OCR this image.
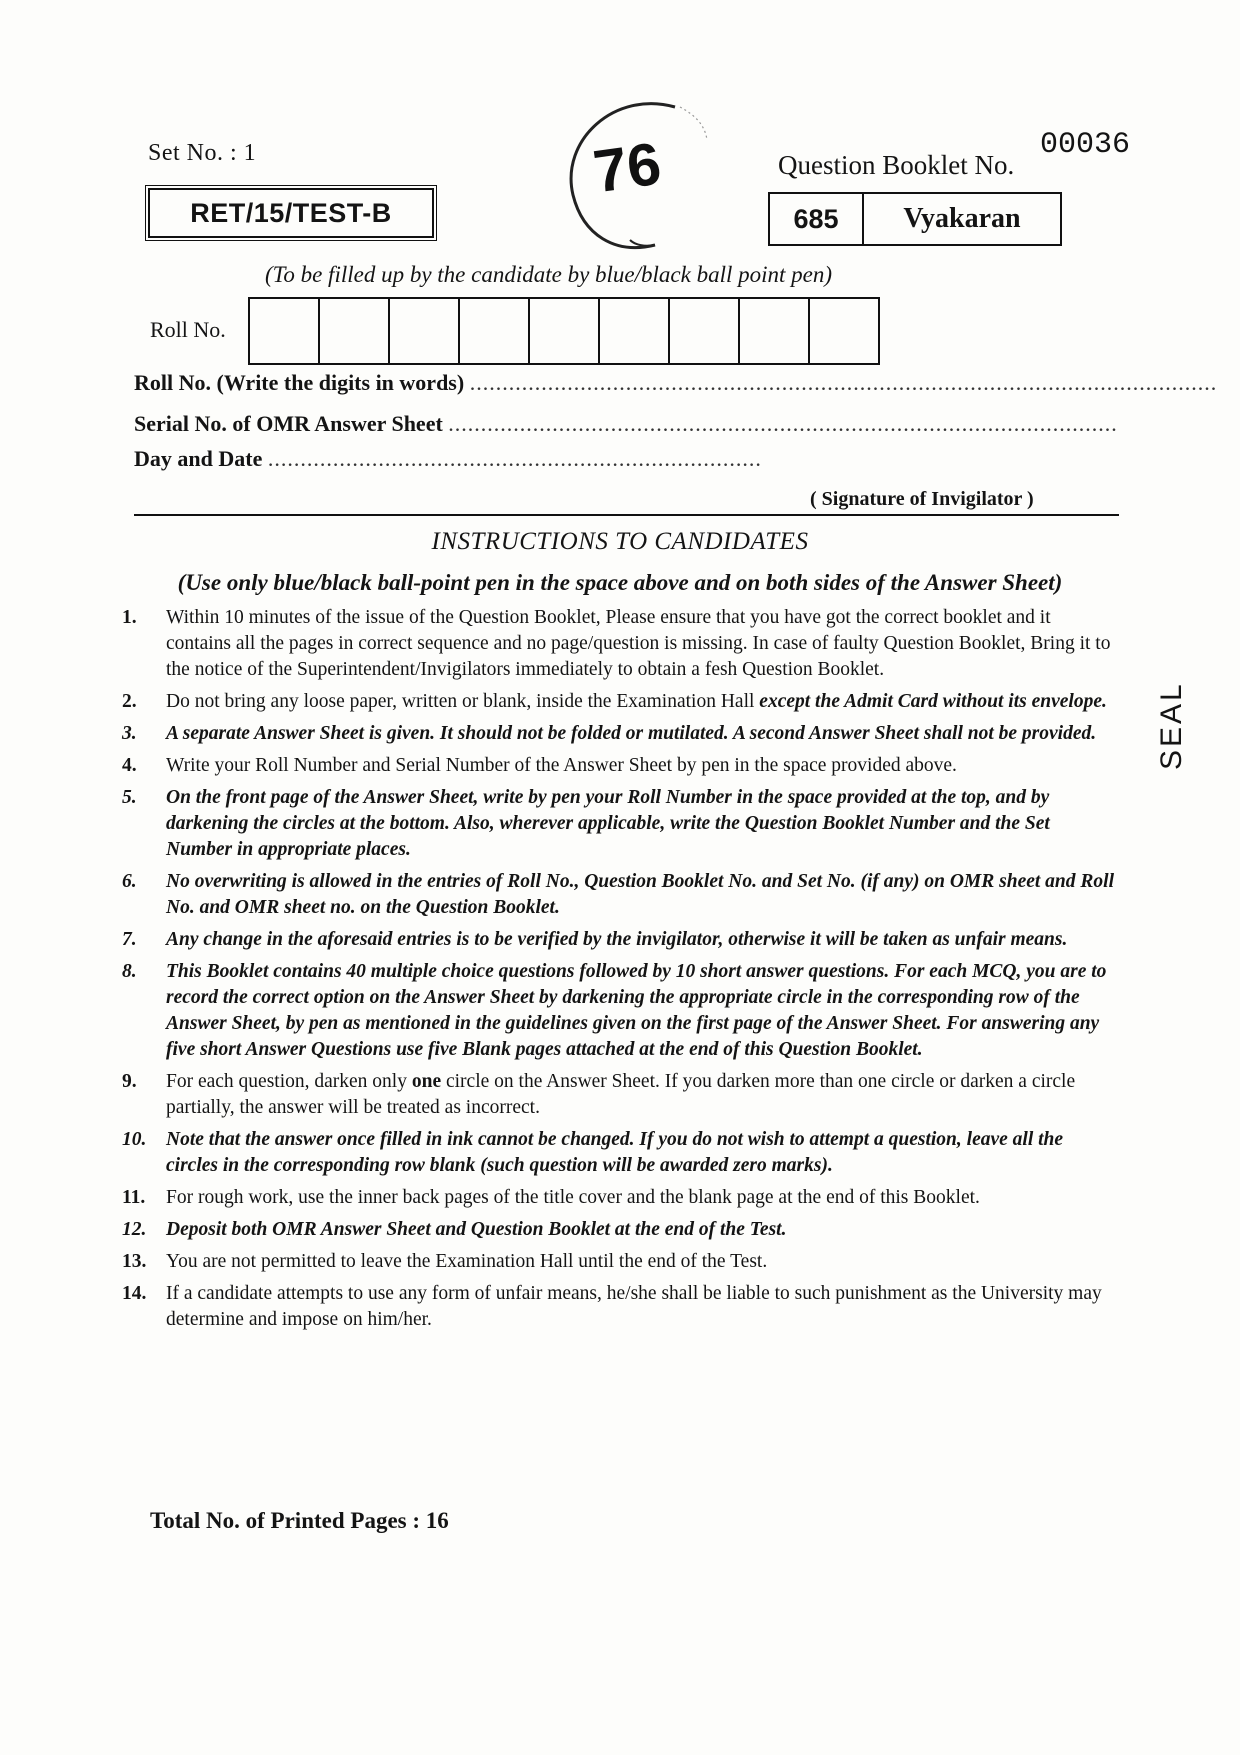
Set No. : 1
RET/15/TEST-B
76	Question Booklet No.
00036
685	Vyakaran
(To be filled up by the candidate by blue/black ball point pen)
Roll No.
Roll No. (Write the digits in words) ...................................................................................................................
Serial No. of OMR Answer Sheet .......................................................................................................
Day and Date ............................................................................
( Signature of Invigilator )
INSTRUCTIONS TO CANDIDATES
(Use only blue/black ball-point pen in the space above and on both sides of the Answer Sheet)
1. Within 10 minutes of the issue of the Question Booklet, Please ensure that you have got the correct booklet and it contains all the pages in correct sequence and no page/question is missing. In case of faulty Question Booklet, Bring it to the notice of the Superintendent/Invigilators immediately to obtain a fesh Question Booklet.
2. Do not bring any loose paper, written or blank, inside the Examination Hall except the Admit Card without its envelope.
3. A separate Answer Sheet is given. It should not be folded or mutilated. A second Answer Sheet shall not be provided.
4. Write your Roll Number and Serial Number of the Answer Sheet by pen in the space provided above.
5. On the front page of the Answer Sheet, write by pen your Roll Number in the space provided at the top, and by darkening the circles at the bottom. Also, wherever applicable, write the Question Booklet Number and the Set Number in appropriate places.
6. No overwriting is allowed in the entries of Roll No., Question Booklet No. and Set No. (if any) on OMR sheet and Roll No. and OMR sheet no. on the Question Booklet.
7. Any change in the aforesaid entries is to be verified by the invigilator, otherwise it will be taken as unfair means.
8. This Booklet contains 40 multiple choice questions followed by 10 short answer questions. For each MCQ, you are to record the correct option on the Answer Sheet by darkening the appropriate circle in the corresponding row of the Answer Sheet, by pen as mentioned in the guidelines given on the first page of the Answer Sheet. For answering any five short Answer Questions use five Blank pages attached at the end of this Question Booklet.
9. For each question, darken only one circle on the Answer Sheet. If you darken more than one circle or darken a circle partially, the answer will be treated as incorrect.
10. Note that the answer once filled in ink cannot be changed. If you do not wish to attempt a question, leave all the circles in the corresponding row blank (such question will be awarded zero marks).
11. For rough work, use the inner back pages of the title cover and the blank page at the end of this Booklet.
12. Deposit both OMR Answer Sheet and Question Booklet at the end of the Test.
13. You are not permitted to leave the Examination Hall until the end of the Test.
14. If a candidate attempts to use any form of unfair means, he/she shall be liable to such punishment as the University may determine and impose on him/her.
Total No. of Printed Pages : 16
SEAL
